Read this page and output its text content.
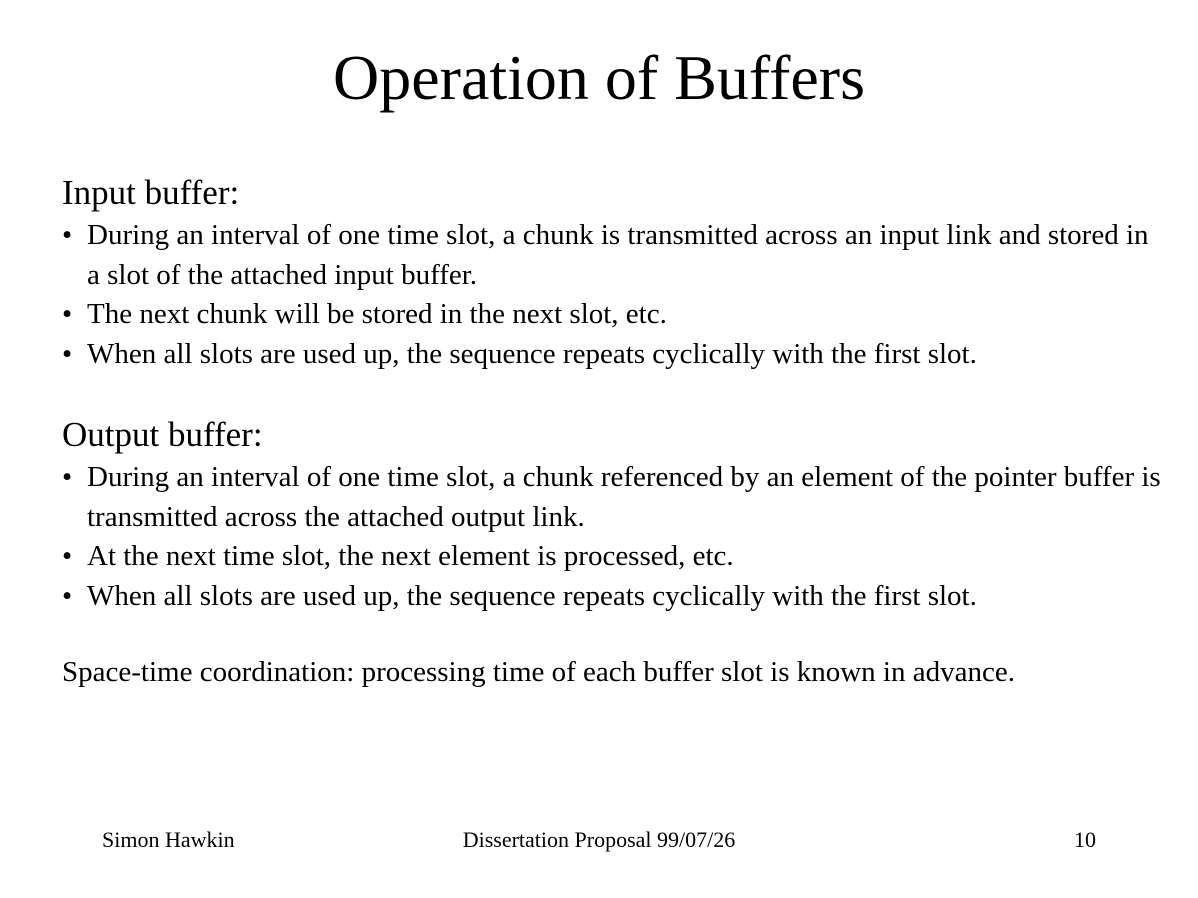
Operation of Buffers

Input buffer:

• During an interval of one time slot, a chunk is transmitted across an input link and stored in a slot of the attached input buffer.
• The next chunk will be stored in the next slot, etc.
• When all slots are used up, the sequence repeats cyclically with the first slot.

Output buffer:

• During an interval of one time slot, a chunk referenced by an element of the pointer buffer is transmitted across the attached output link.
• At the next time slot, the next element is processed, etc.
• When all slots are used up, the sequence repeats cyclically with the first slot.

Space-time coordination: processing time of each buffer slot is known in advance.

Simon Hawkin	Dissertation Proposal 99/07/26	10
